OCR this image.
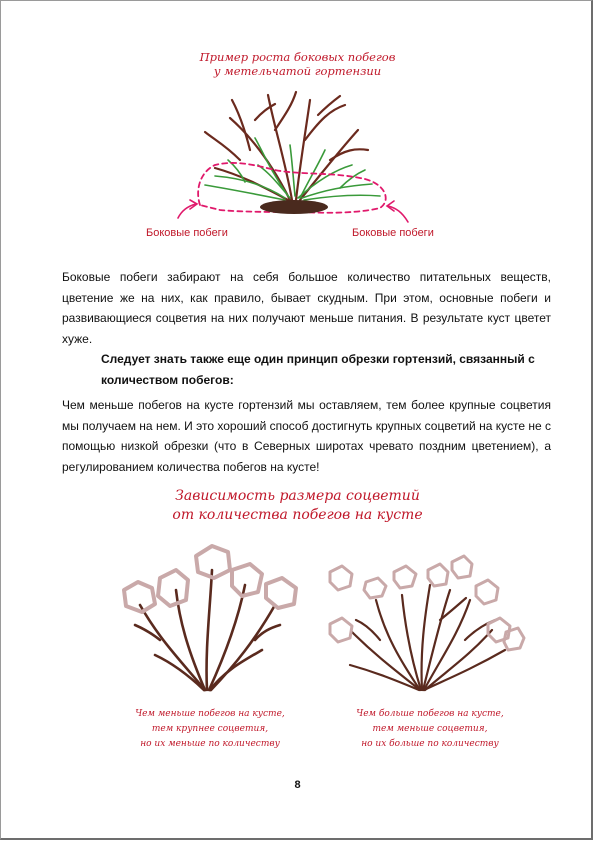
Пример роста боковых побегов
у метельчатой гортензии
Боковые побеги	Боковые побеги

Боковые побеги забирают на себя большое количество питательных веществ, цветение же на них, как правило, бывает скудным. При этом, основные побеги и развивающиеся соцветия на них получают меньше питания. В результате куст цветет хуже.

Следует знать также еще один принцип обрезки гортензий, связанный с количеством побегов:

Чем меньше побегов на кусте гортензий мы оставляем, тем более крупные соцветия мы получаем на нем. И это хороший способ достигнуть крупных соцветий на кусте не с помощью низкой обрезки (что в Северных широтах чревато поздним цветением), а регулированием количества побегов на кусте!

Зависимость размера соцветий
от количества побегов на кусте
Чем меньше побегов на кусте,
тем крупнее соцветия,
но их меньше по количеству
Чем больше побегов на кусте,
тем меньше соцветия,
но их больше по количеству
8
